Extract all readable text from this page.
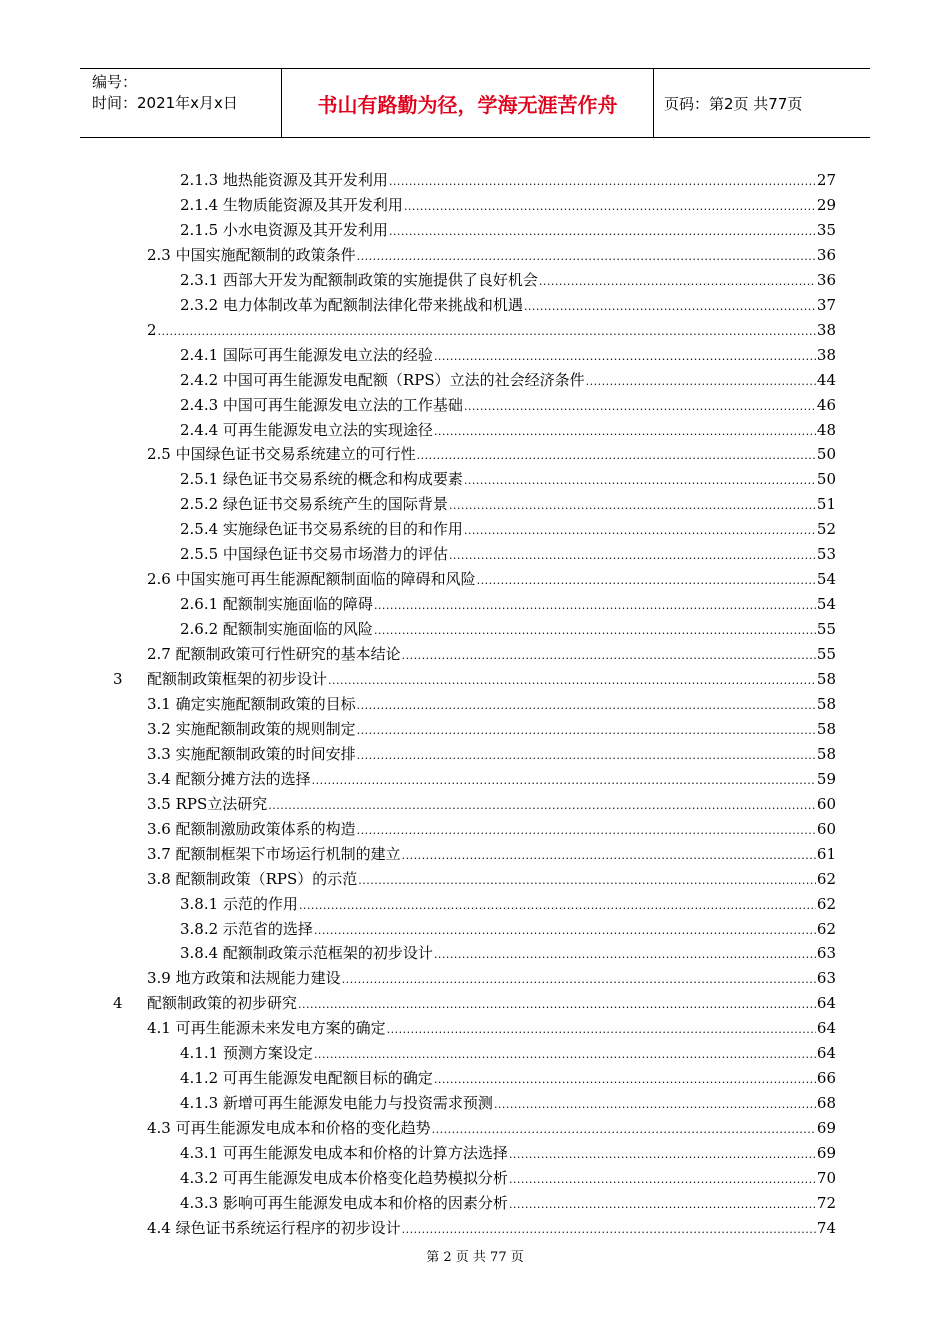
编号：
时间：2021年x月x日	书山有路勤为径，学海无涯苦作舟	页码：第2页 共77页
2.1.3 地热能资源及其开发利用 .....	27
2.1.4 生物质能资源及其开发利用 .....	29
2.1.5 小水电资源及其开发利用 .....	35
2.3 中国实施配额制的政策条件 .....	36
2.3.1 西部大开发为配额制政策的实施提供了良好机会 .....	36
2.3.2 电力体制改革为配额制法律化带来挑战和机遇 .....	37
2 .....	38
2.4.1 国际可再生能源发电立法的经验 .....	38
2.4.2 中国可再生能源发电配额（RPS）立法的社会经济条件 .....	44
2.4.3 中国可再生能源发电立法的工作基础 .....	46
2.4.4 可再生能源发电立法的实现途径 .....	48
2.5 中国绿色证书交易系统建立的可行性 .....	50
2.5.1 绿色证书交易系统的概念和构成要素 .....	50
2.5.2 绿色证书交易系统产生的国际背景 .....	51
2.5.4 实施绿色证书交易系统的目的和作用 .....	52
2.5.5 中国绿色证书交易市场潜力的评估 .....	53
2.6 中国实施可再生能源配额制面临的障碍和风险 .....	54
2.6.1 配额制实施面临的障碍 .....	54
2.6.2 配额制实施面临的风险 .....	55
2.7 配额制政策可行性研究的基本结论 .....	55
3	配额制政策框架的初步设计 .....	58
3.1 确定实施配额制政策的目标 .....	58
3.2 实施配额制政策的规则制定 .....	58
3.3 实施配额制政策的时间安排 .....	58
3.4 配额分摊方法的选择 .....	59
3.5 RPS立法研究 .....	60
3.6 配额制激励政策体系的构造 .....	60
3.7 配额制框架下市场运行机制的建立 .....	61
3.8 配额制政策（RPS）的示范 .....	62
3.8.1 示范的作用 .....	62
3.8.2 示范省的选择 .....	62
3.8.4 配额制政策示范框架的初步设计 .....	63
3.9 地方政策和法规能力建设 .....	63
4	配额制政策的初步研究 .....	64
4.1 可再生能源未来发电方案的确定 .....	64
4.1.1 预测方案设定 .....	64
4.1.2 可再生能源发电配额目标的确定 .....	66
4.1.3 新增可再生能源发电能力与投资需求预测 .....	68
4.3 可再生能源发电成本和价格的变化趋势 .....	69
4.3.1 可再生能源发电成本和价格的计算方法选择 .....	69
4.3.2 可再生能源发电成本价格变化趋势模拟分析 .....	70
4.3.3 影响可再生能源发电成本和价格的因素分析 .....	72
4.4 绿色证书系统运行程序的初步设计 .....	74
第 2 页 共 77 页
